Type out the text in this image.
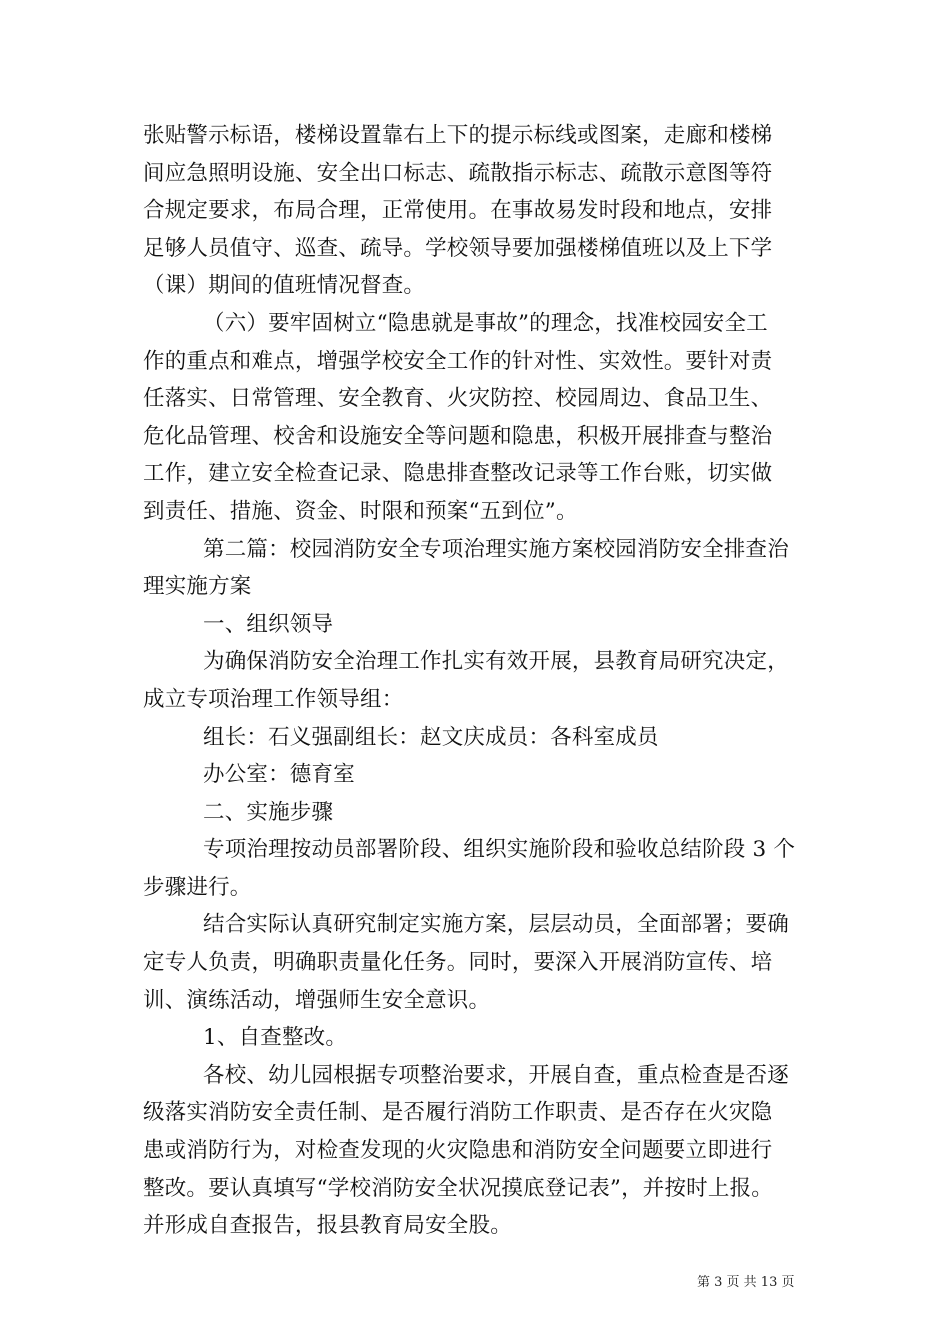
张贴警示标语，楼梯设置靠右上下的提示标线或图案，走廊和楼梯
间应急照明设施、安全出口标志、疏散指示标志、疏散示意图等符
合规定要求，布局合理，正常使用。在事故易发时段和地点，安排
足够人员值守、巡查、疏导。学校领导要加强楼梯值班以及上下学
（课）期间的值班情况督查。
（六）要牢固树立“隐患就是事故”的理念，找准校园安全工
作的重点和难点，增强学校安全工作的针对性、实效性。要针对责
任落实、日常管理、安全教育、火灾防控、校园周边、食品卫生、
危化品管理、校舍和设施安全等问题和隐患，积极开展排查与整治
工作，建立安全检查记录、隐患排查整改记录等工作台账，切实做
到责任、措施、资金、时限和预案“五到位”。
第二篇：校园消防安全专项治理实施方案校园消防安全排查治
理实施方案
一、组织领导
为确保消防安全治理工作扎实有效开展，县教育局研究决定，
成立专项治理工作领导组：
组长：石义强副组长：赵文庆成员：各科室成员
办公室：德育室
二、实施步骤
专项治理按动员部署阶段、组织实施阶段和验收总结阶段 3 个
步骤进行。
结合实际认真研究制定实施方案，层层动员，全面部署；要确
定专人负责，明确职责量化任务。同时，要深入开展消防宣传、培
训、演练活动，增强师生安全意识。
1、自查整改。
各校、幼儿园根据专项整治要求，开展自查，重点检查是否逐
级落实消防安全责任制、是否履行消防工作职责、是否存在火灾隐
患或消防行为，对检查发现的火灾隐患和消防安全问题要立即进行
整改。要认真填写“学校消防安全状况摸底登记表”，并按时上报。
并形成自查报告，报县教育局安全股。
第 3 页 共 13 页
